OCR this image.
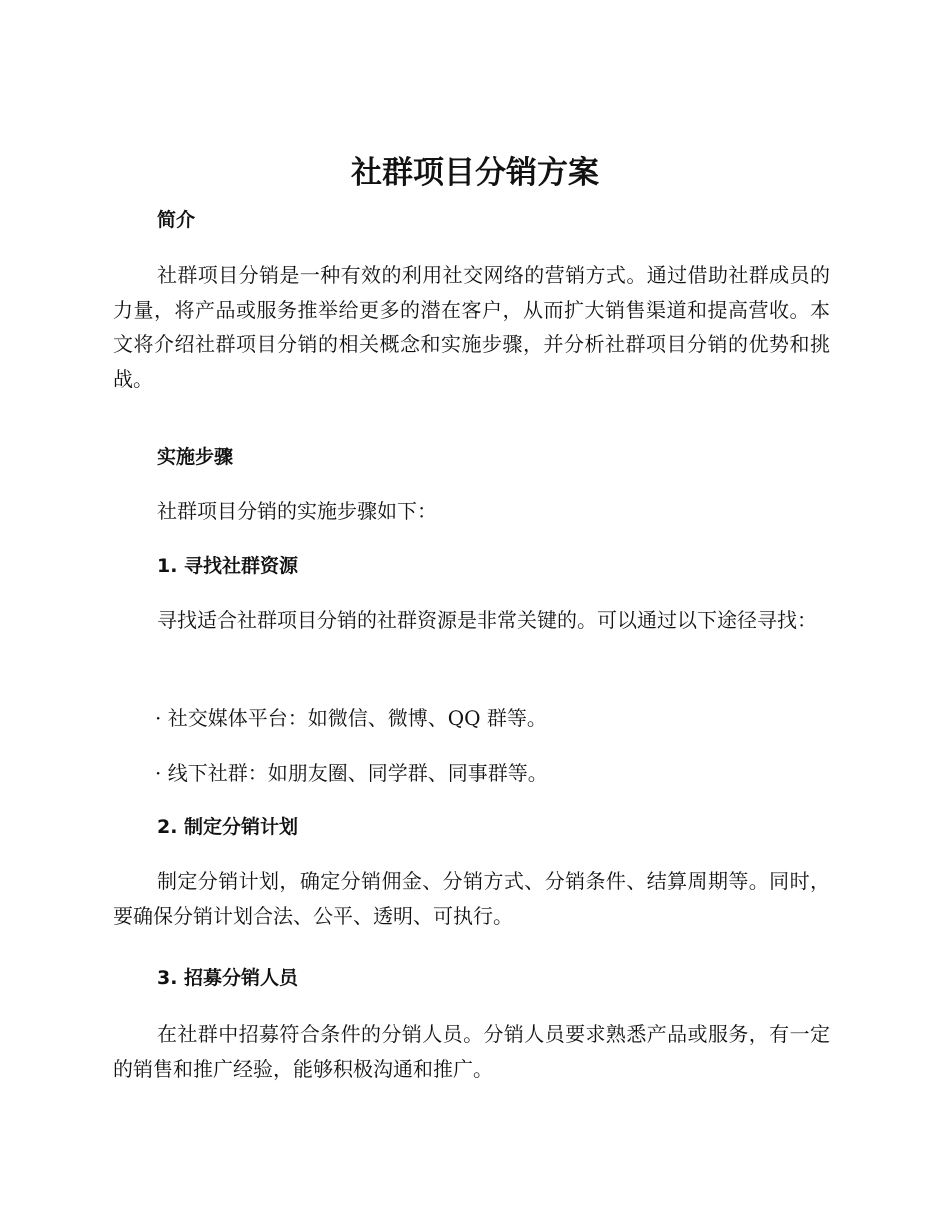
社群项目分销方案
简介

社群项目分销是一种有效的利用社交网络的营销方式。通过借助社群成员的力量，将产品或服务推举给更多的潜在客户，从而扩大销售渠道和提高营收。本文将介绍社群项目分销的相关概念和实施步骤，并分析社群项目分销的优势和挑战。

实施步骤

社群项目分销的实施步骤如下：

1. 寻找社群资源

寻找适合社群项目分销的社群资源是非常关键的。可以通过以下途径寻找：

· 社交媒体平台：如微信、微博、QQ 群等。

· 线下社群：如朋友圈、同学群、同事群等。

2. 制定分销计划

制定分销计划，确定分销佣金、分销方式、分销条件、结算周期等。同时，要确保分销计划合法、公平、透明、可执行。

3. 招募分销人员

在社群中招募符合条件的分销人员。分销人员要求熟悉产品或服务，有一定的销售和推广经验，能够积极沟通和推广。
